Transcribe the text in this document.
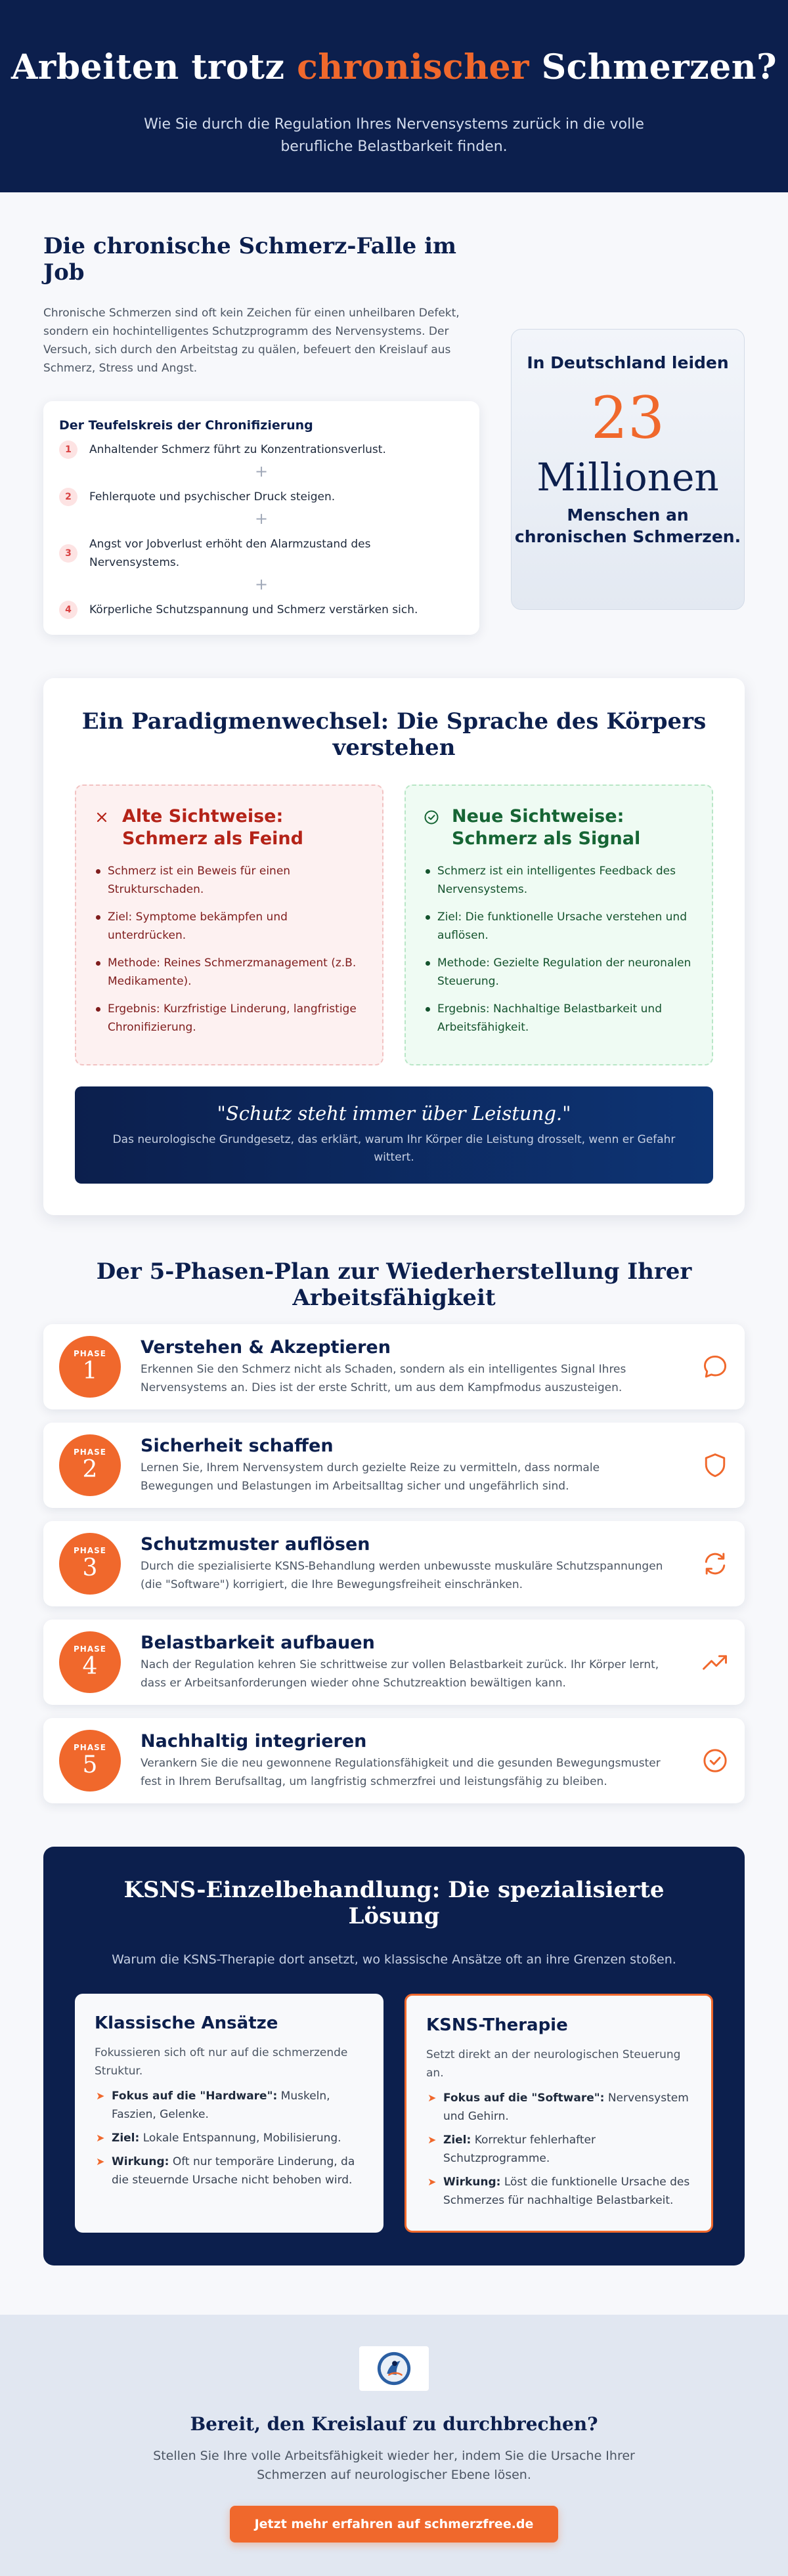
Arbeiten trotz chronischer Schmerzen?

Wie Sie durch die Regulation Ihres Nervensystems zurück in die volle berufliche Belastbarkeit finden.

Die chronische Schmerz-Falle im Job

Chronische Schmerzen sind oft kein Zeichen für einen unheilbaren Defekt, sondern ein hochintelligentes Schutzprogramm des Nervensystems. Der Versuch, sich durch den Arbeitstag zu quälen, befeuert den Kreislauf aus Schmerz, Stress und Angst.

Der Teufelskreis der Chronifizierung
1	Anhaltender Schmerz führt zu Konzentrationsverlust.
+
2	Fehlerquote und psychischer Druck steigen.
+
3
Angst vor Jobverlust erhöht den Alarmzustand des Nervensystems.
+
4	Körperliche Schutzspannung und Schmerz verstärken sich.
In Deutschland leiden
23
Millionen
Menschen an chronischen Schmerzen.
Ein Paradigmenwechsel: Die Sprache des Körpers verstehen
Alte Sichtweise: Schmerz als Feind
Schmerz ist ein Beweis für einen Strukturschaden.
Ziel: Symptome bekämpfen und unterdrücken.
Methode: Reines Schmerzmanagement (z.B. Medikamente).
Ergebnis: Kurzfristige Linderung, langfristige Chronifizierung.
Neue Sichtweise: Schmerz als Signal
Schmerz ist ein intelligentes Feedback des Nervensystems.
Ziel: Die funktionelle Ursache verstehen und auflösen.
Methode: Gezielte Regulation der neuronalen Steuerung.
Ergebnis: Nachhaltige Belastbarkeit und Arbeitsfähigkeit.
"Schutz steht immer über Leistung."
Das neurologische Grundgesetz, das erklärt, warum Ihr Körper die Leistung drosselt, wenn er Gefahr wittert.
Der 5-Phasen-Plan zur Wiederherstellung Ihrer Arbeitsfähigkeit
PHASE
1
Verstehen & Akzeptieren

Erkennen Sie den Schmerz nicht als Schaden, sondern als ein intelligentes Signal Ihres Nervensystems an. Dies ist der erste Schritt, um aus dem Kampfmodus auszusteigen.

PHASE
2
Sicherheit schaffen

Lernen Sie, Ihrem Nervensystem durch gezielte Reize zu vermitteln, dass normale Bewegungen und Belastungen im Arbeitsalltag sicher und ungefährlich sind.

PHASE
3
Schutzmuster auflösen

Durch die spezialisierte KSNS-Behandlung werden unbewusste muskuläre Schutzspannungen (die "Software") korrigiert, die Ihre Bewegungsfreiheit einschränken.

PHASE
4
Belastbarkeit aufbauen

Nach der Regulation kehren Sie schrittweise zur vollen Belastbarkeit zurück. Ihr Körper lernt, dass er Arbeitsanforderungen wieder ohne Schutzreaktion bewältigen kann.

PHASE
5
Nachhaltig integrieren

Verankern Sie die neu gewonnene Regulationsfähigkeit und die gesunden Bewegungsmuster fest in Ihrem Berufsalltag, um langfristig schmerzfrei und leistungsfähig zu bleiben.

KSNS-Einzelbehandlung: Die spezialisierte Lösung

Warum die KSNS-Therapie dort ansetzt, wo klassische Ansätze oft an ihre Grenzen stoßen.

Klassische Ansätze

Fokussieren sich oft nur auf die schmerzende Struktur.

➤ Fokus auf die "Hardware": Muskeln, Faszien, Gelenke.
➤ Ziel: Lokale Entspannung, Mobilisierung.
➤ Wirkung: Oft nur temporäre Linderung, da die steuernde Ursache nicht behoben wird.
KSNS-Therapie

Setzt direkt an der neurologischen Steuerung an.

➤ Fokus auf die "Software": Nervensystem und Gehirn.
➤ Ziel: Korrektur fehlerhafter Schutzprogramme.
➤ Wirkung: Löst die funktionelle Ursache des Schmerzes für nachhaltige Belastbarkeit.
Bereit, den Kreislauf zu durchbrechen?

Stellen Sie Ihre volle Arbeitsfähigkeit wieder her, indem Sie die Ursache Ihrer Schmerzen auf neurologischer Ebene lösen.

Jetzt mehr erfahren auf schmerzfree.de
